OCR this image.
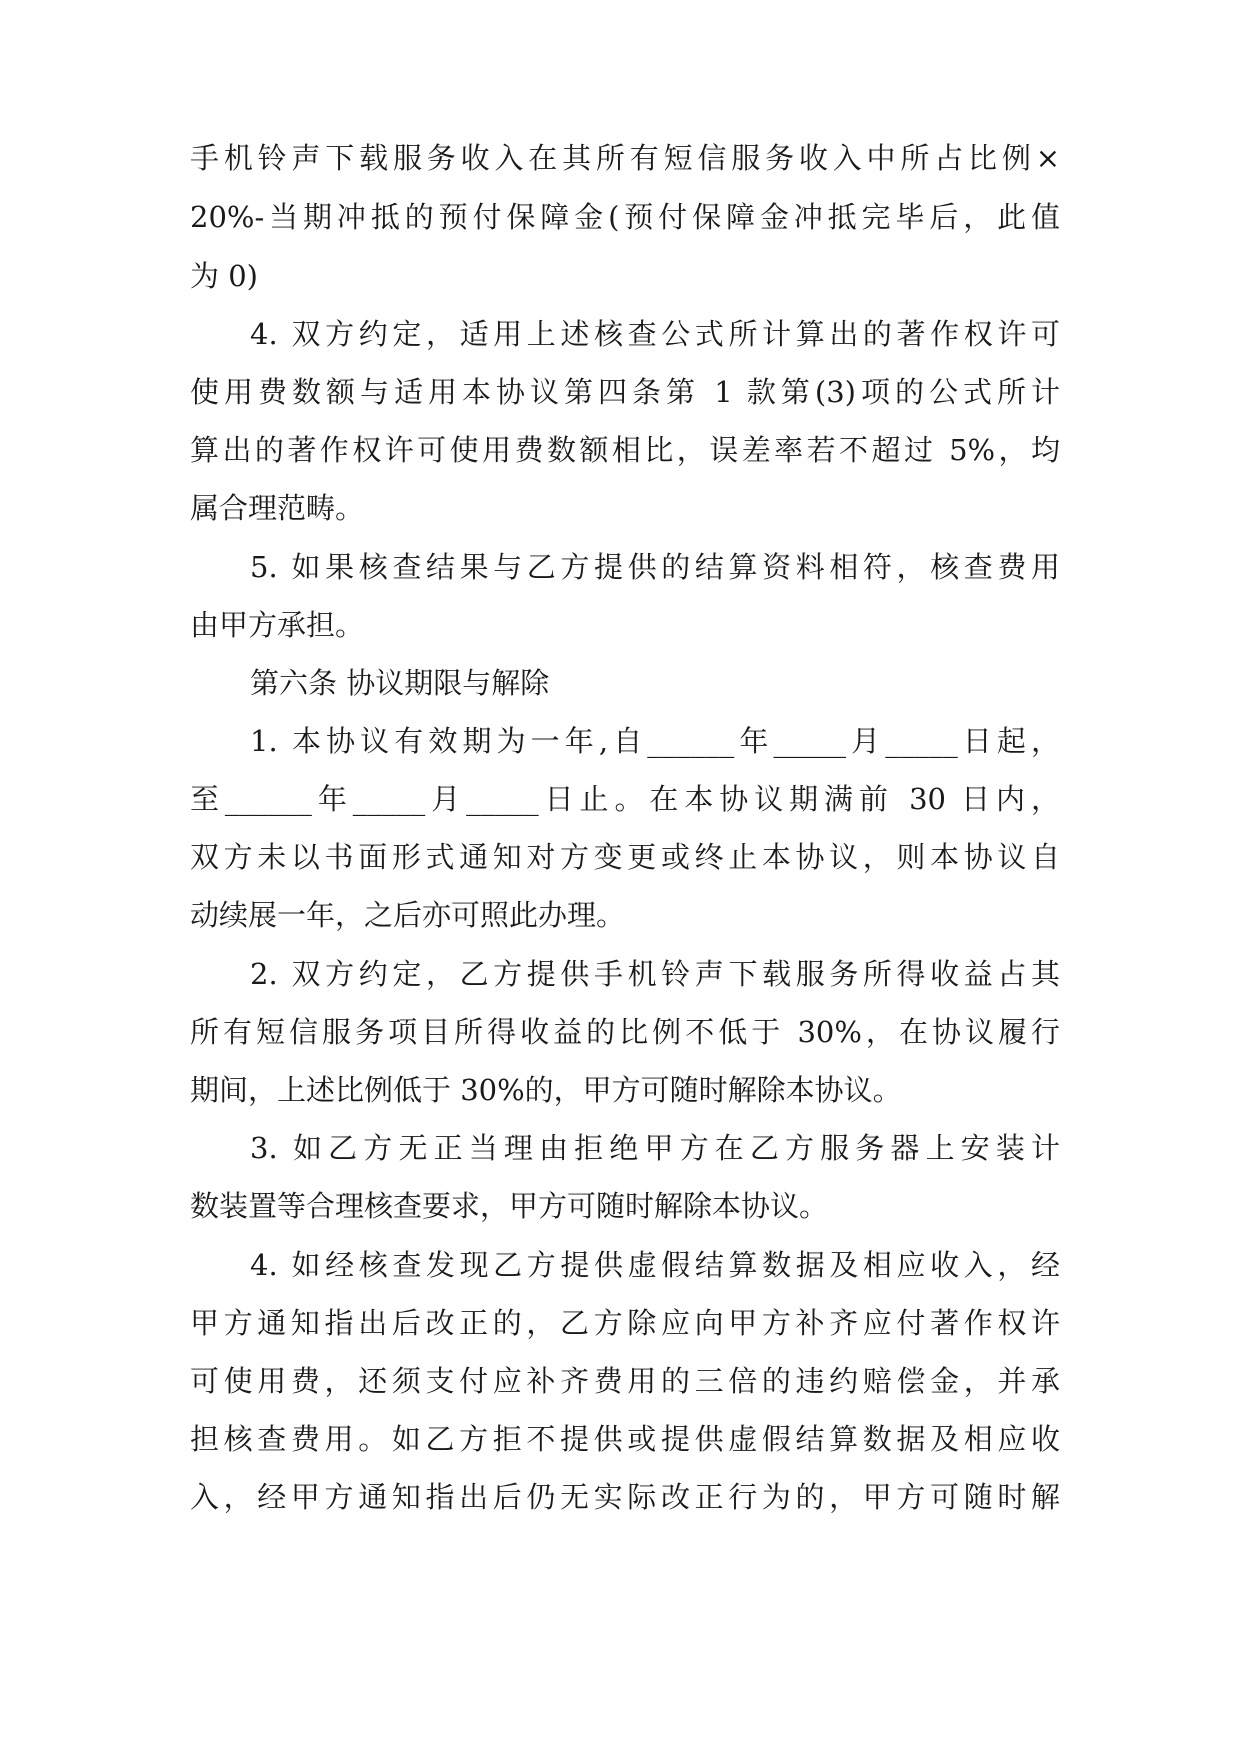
手机铃声下载服务收入在其所有短信服务收入中所占比例×
20%-当期冲抵的预付保障金(预付保障金冲抵完毕后，此值
为 0)
4. 双方约定，适用上述核查公式所计算出的著作权许可
使用费数额与适用本协议第四条第 1 款第(3)项的公式所计
算出的著作权许可使用费数额相比，误差率若不超过 5%，均
属合理范畴。
5. 如果核查结果与乙方提供的结算资料相符，核查费用
由甲方承担。
第六条 协议期限与解除
1. 本协议有效期为一年,自______年_____月_____日起，
至______年_____月_____日止。在本协议期满前 30 日内，
双方未以书面形式通知对方变更或终止本协议，则本协议自
动续展一年，之后亦可照此办理。
2. 双方约定，乙方提供手机铃声下载服务所得收益占其
所有短信服务项目所得收益的比例不低于 30%，在协议履行
期间，上述比例低于 30%的，甲方可随时解除本协议。
3. 如乙方无正当理由拒绝甲方在乙方服务器上安装计
数装置等合理核查要求，甲方可随时解除本协议。
4. 如经核查发现乙方提供虚假结算数据及相应收入，经
甲方通知指出后改正的，乙方除应向甲方补齐应付著作权许
可使用费，还须支付应补齐费用的三倍的违约赔偿金，并承
担核查费用。如乙方拒不提供或提供虚假结算数据及相应收
入，经甲方通知指出后仍无实际改正行为的，甲方可随时解
